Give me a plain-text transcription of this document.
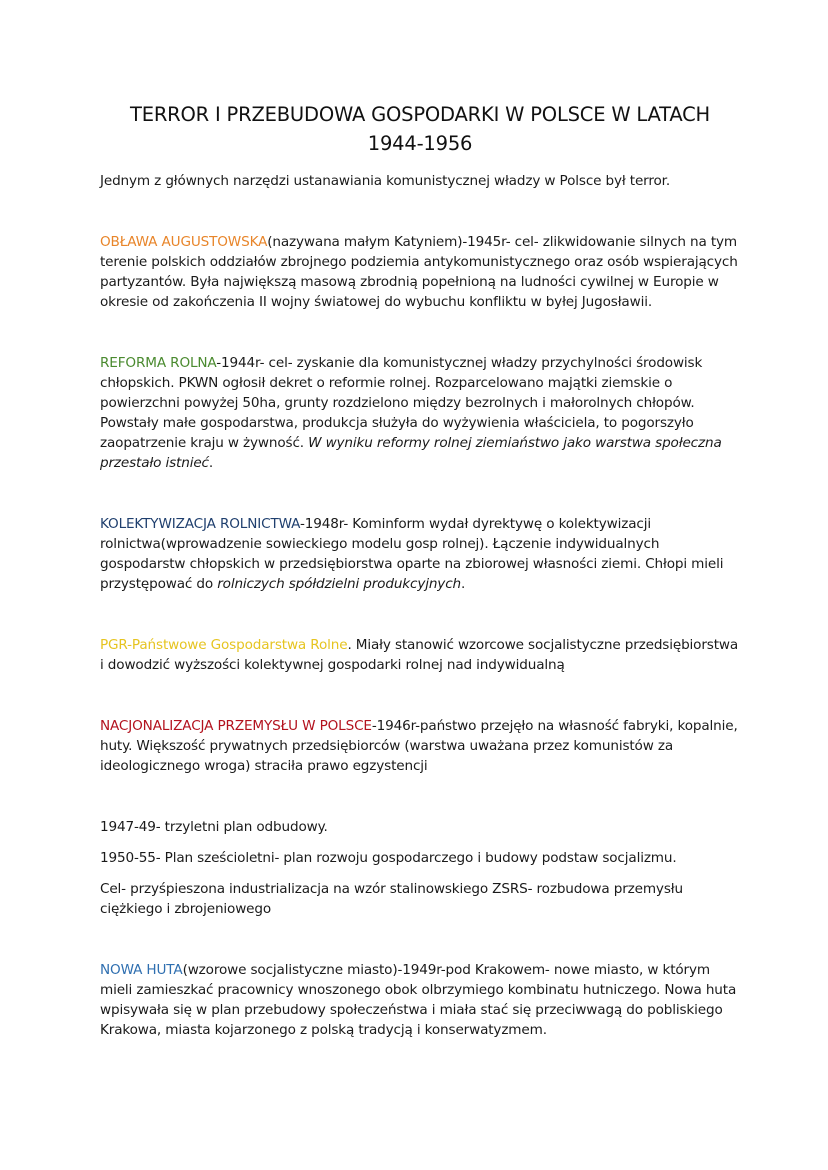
TERROR I PRZEBUDOWA GOSPODARKI W POLSCE W LATACH
1944-1956

Jednym z głównych narzędzi ustanawiania komunistycznej władzy w Polsce był terror.

OBŁAWA AUGUSTOWSKA(nazywana małym Katyniem)-1945r- cel- zlikwidowanie silnych na tym terenie polskich oddziałów zbrojnego podziemia antykomunistycznego oraz osób wspierających partyzantów. Była największą masową zbrodnią popełnioną na ludności cywilnej w Europie w okresie od zakończenia II wojny światowej do wybuchu konfliktu w byłej Jugosławii.

REFORMA ROLNA-1944r- cel- zyskanie dla komunistycznej władzy przychylności środowisk chłopskich. PKWN ogłosił dekret o reformie rolnej. Rozparcelowano majątki ziemskie o powierzchni powyżej 50ha, grunty rozdzielono między bezrolnych i małorolnych chłopów. Powstały małe gospodarstwa, produkcja służyła do wyżywienia właściciela, to pogorszyło zaopatrzenie kraju w żywność. W wyniku reformy rolnej ziemiaństwo jako warstwa społeczna przestało istnieć.

KOLEKTYWIZACJA ROLNICTWA-1948r- Kominform wydał dyrektywę o kolektywizacji rolnictwa(wprowadzenie sowieckiego modelu gosp rolnej). Łączenie indywidualnych gospodarstw chłopskich w przedsiębiorstwa oparte na zbiorowej własności ziemi. Chłopi mieli przystępować do rolniczych spółdzielni produkcyjnych.

PGR-Państwowe Gospodarstwa Rolne. Miały stanowić wzorcowe socjalistyczne przedsiębiorstwa i dowodzić wyższości kolektywnej gospodarki rolnej nad indywidualną

NACJONALIZACJA PRZEMYSŁU W POLSCE-1946r-państwo przejęło na własność fabryki, kopalnie, huty. Większość prywatnych przedsiębiorców (warstwa uważana przez komunistów za ideologicznego wroga) straciła prawo egzystencji

1947-49- trzyletni plan odbudowy.

1950-55- Plan sześcioletni- plan rozwoju gospodarczego i budowy podstaw socjalizmu.

Cel- przyśpieszona industrializacja na wzór stalinowskiego ZSRS- rozbudowa przemysłu ciężkiego i zbrojeniowego

NOWA HUTA(wzorowe socjalistyczne miasto)-1949r-pod Krakowem- nowe miasto, w którym mieli zamieszkać pracownicy wnoszonego obok olbrzymiego kombinatu hutniczego. Nowa huta wpisywała się w plan przebudowy społeczeństwa i miała stać się przeciwwagą do pobliskiego Krakowa, miasta kojarzonego z polską tradycją i konserwatyzmem.
